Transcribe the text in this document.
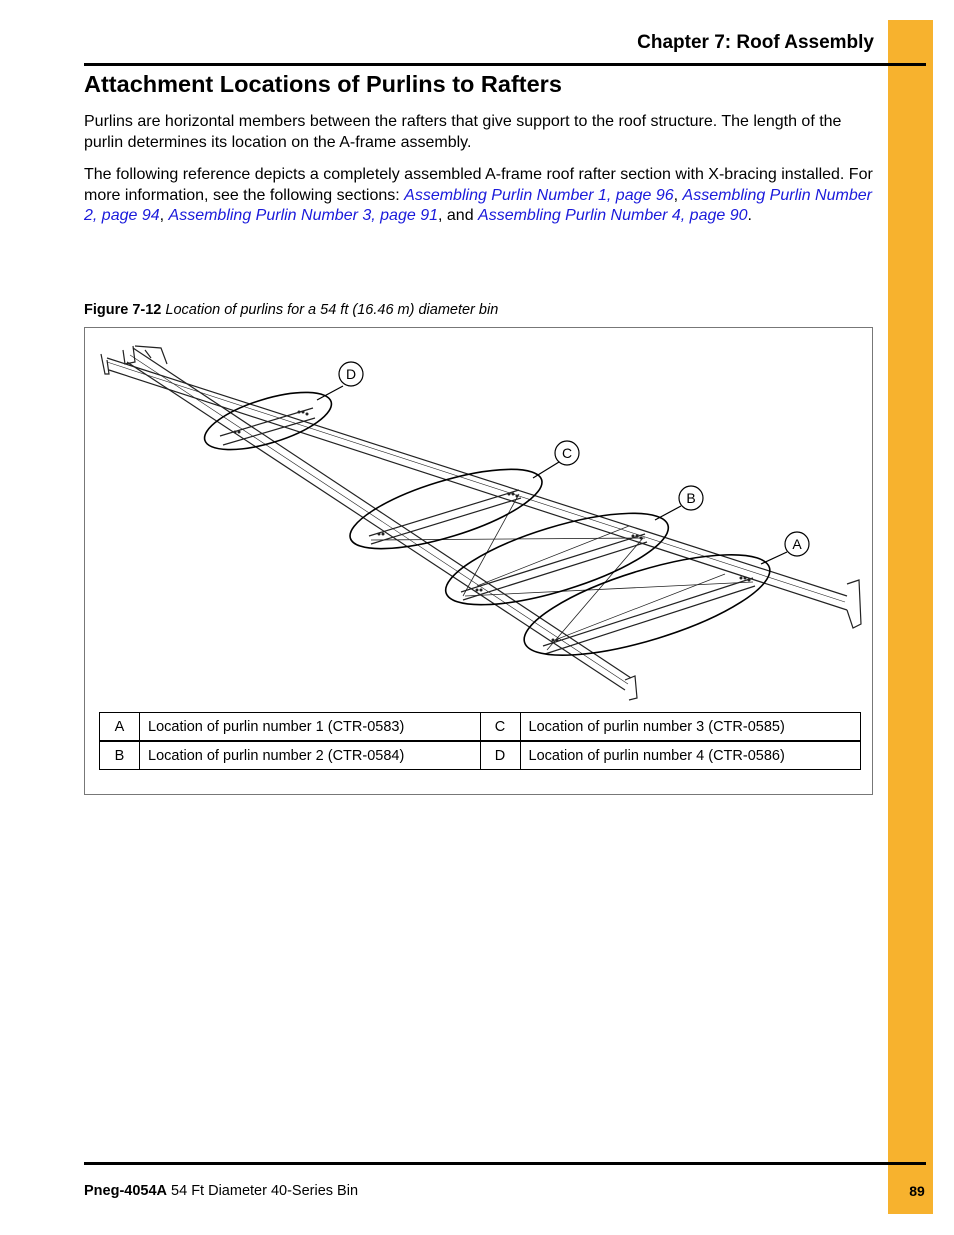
Chapter 7: Roof Assembly
Attachment Locations of Purlins to Rafters

Purlins are horizontal members between the rafters that give support to the roof structure. The length of the purlin determines its location on the A-frame assembly.

The following reference depicts a completely assembled A-frame roof rafter section with X-bracing installed. For more information, see the following sections: Assembling Purlin Number 1, page 96, Assembling Purlin Number 2, page 94, Assembling Purlin Number 3, page 91, and Assembling Purlin Number 4, page 90.

Figure 7-12 Location of purlins for a 54 ft (16.46 m) diameter bin
A
B
C
D
A	Location of purlin number 1 (CTR-0583)	C	Location of purlin number 3 (CTR-0585)
B	Location of purlin number 2 (CTR-0584)	D	Location of purlin number 4 (CTR-0586)
Pneg-4054A 54 Ft Diameter 40-Series Bin	89
